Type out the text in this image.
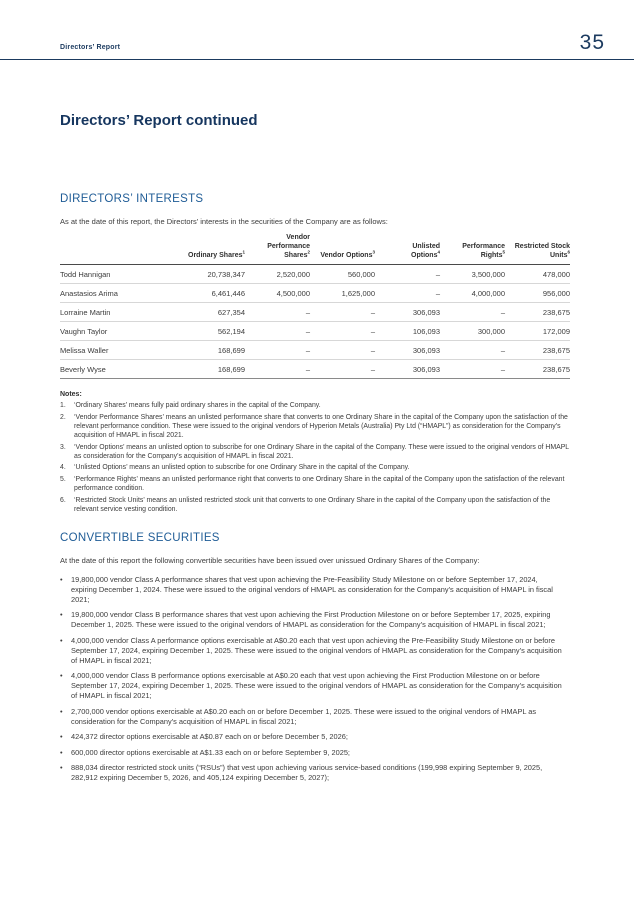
Directors’ Report	35
Directors’ Report continued
DIRECTORS’ INTERESTS

As at the date of this report, the Directors’ interests in the securities of the Company are as follows:

	Ordinary Shares$^1$	Vendor Performance Shares$^2$	Vendor Options$^3$	Unlisted Options$^4$	Performance Rights$^5$	Restricted Stock Units$^6$
Todd Hannigan	20,738,347	2,520,000	560,000	–	3,500,000	478,000
Anastasios Arima	6,461,446	4,500,000	1,625,000	–	4,000,000	956,000
Lorraine Martin	627,354	–	–	306,093	–	238,675
Vaughn Taylor	562,194	–	–	106,093	300,000	172,009
Melissa Waller	168,699	–	–	306,093	–	238,675
Beverly Wyse	168,699	–	–	306,093	–	238,675

Notes:

1.	‘Ordinary Shares’ means fully paid ordinary shares in the capital of the Company.
2.	‘Vendor Performance Shares’ means an unlisted performance share that converts to one Ordinary Share in the capital of the Company upon the satisfaction of the relevant performance condition. These were issued to the original vendors of Hyperion Metals (Australia) Pty Ltd (“HMAPL”) as consideration for the Company’s acquisition of HMAPL in fiscal 2021.
3.	‘Vendor Options’ means an unlisted option to subscribe for one Ordinary Share in the capital of the Company. These were issued to the original vendors of HMAPL as consideration for the Company’s acquisition of HMAPL in fiscal 2021.
4.	‘Unlisted Options’ means an unlisted option to subscribe for one Ordinary Share in the capital of the Company.
5.	‘Performance Rights’ means an unlisted performance right that converts to one Ordinary Share in the capital of the Company upon the satisfaction of the relevant performance condition.
6.	‘Restricted Stock Units’ means an unlisted restricted stock unit that converts to one Ordinary Share in the capital of the Company upon the satisfaction of the relevant service vesting condition.
CONVERTIBLE SECURITIES

At the date of this report the following convertible securities have been issued over unissued Ordinary Shares of the Company:

•	19,800,000 vendor Class A performance shares that vest upon achieving the Pre-Feasibility Study Milestone on or before September 17, 2024, expiring December 1, 2024. These were issued to the original vendors of HMAPL as consideration for the Company’s acquisition of HMAPL in fiscal 2021;
•	19,800,000 vendor Class B performance shares that vest upon achieving the First Production Milestone on or before September 17, 2025, expiring December 1, 2025. These were issued to the original vendors of HMAPL as consideration for the Company’s acquisition of HMAPL in fiscal 2021;
•	4,000,000 vendor Class A performance options exercisable at A$0.20 each that vest upon achieving the Pre-Feasibility Study Milestone on or before September 17, 2024, expiring December 1, 2025. These were issued to the original vendors of HMAPL as consideration for the Company’s acquisition of HMAPL in fiscal 2021;
•	4,000,000 vendor Class B performance options exercisable at A$0.20 each that vest upon achieving the First Production Milestone on or before September 17, 2024, expiring December 1, 2025. These were issued to the original vendors of HMAPL as consideration for the Company’s acquisition of HMAPL in fiscal 2021;
•	2,700,000 vendor options exercisable at A$0.20 each on or before December 1, 2025. These were issued to the original vendors of HMAPL as consideration for the Company’s acquisition of HMAPL in fiscal 2021;
•	424,372 director options exercisable at A$0.87 each on or before December 5, 2026;
•	600,000 director options exercisable at A$1.33 each on or before September 9, 2025;
•	888,034 director restricted stock units (“RSUs”) that vest upon achieving various service-based conditions (199,998 expiring September 9, 2025, 282,912 expiring December 5, 2026, and 405,124 expiring December 5, 2027);
